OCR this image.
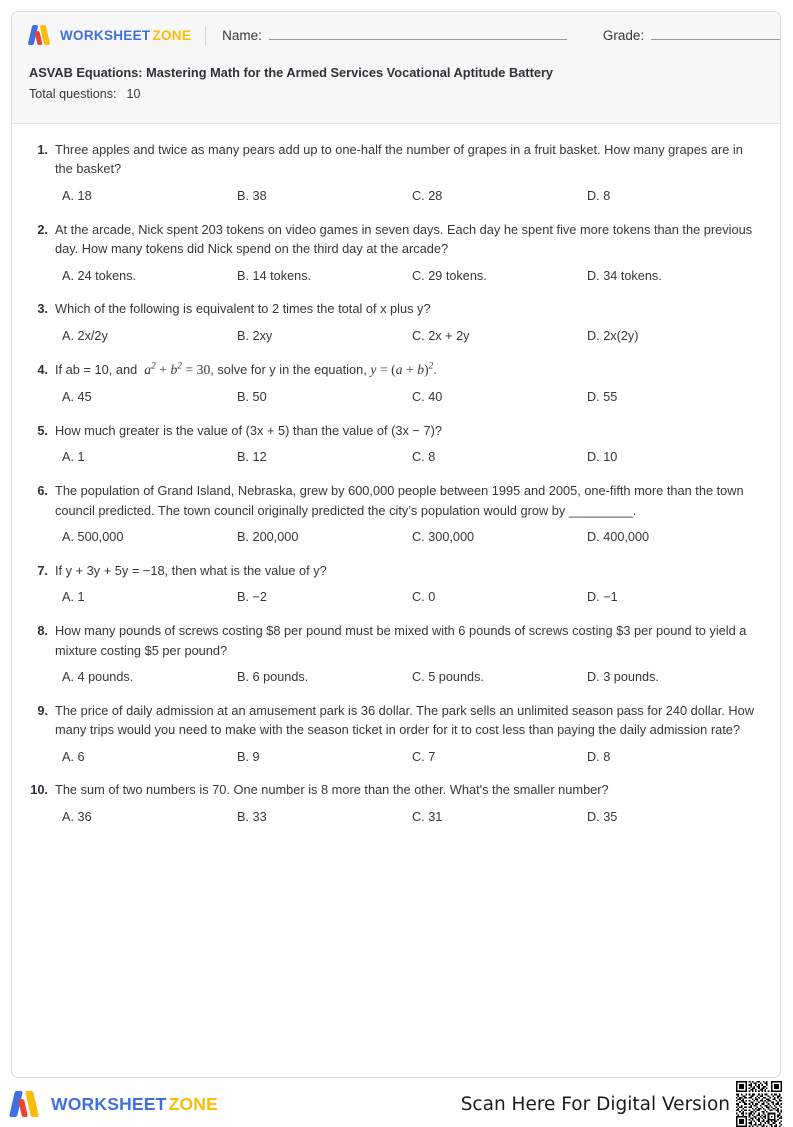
WORKSHEET ZONE Name:	Grade:

ASVAB Equations: Mastering Math for the Armed Services Vocational Aptitude Battery

Total questions: 10

1. Three apples and twice as many pears add up to one-half the number of grapes in a fruit basket. How many grapes are in the basket?
A. 18	B. 38	C. 28	D. 8
2. At the arcade, Nick spent 203 tokens on video games in seven days. Each day he spent five more tokens than the previous day. How many tokens did Nick spend on the third day at the arcade?
A. 24 tokens.	B. 14 tokens.	C. 29 tokens.	D. 34 tokens.
3. Which of the following is equivalent to 2 times the total of x plus y?
A. 2x/2y	B. 2xy	C. 2x + 2y	D. 2x(2y)
4. If ab = 10, and  $a^2 + b^2 = 30$, solve for y in the equation, $y = (a + b)^2$.
A. 45	B. 50	C. 40	D. 55
5. How much greater is the value of (3x + 5) than the value of (3x − 7)?
A. 1	B. 12	C. 8	D. 10
6. The population of Grand Island, Nebraska, grew by 600,000 people between 1995 and 2005, one-fifth more than the town council predicted. The town council originally predicted the city’s population would grow by _________.
A. 500,000	B. 200,000	C. 300,000	D. 400,000
7. If y + 3y + 5y = −18, then what is the value of y?
A. 1	B. −2	C. 0	D. −1
8. How many pounds of screws costing $8 per pound must be mixed with 6 pounds of screws costing $3 per pound to yield a mixture costing $5 per pound?
A. 4 pounds.	B. 6 pounds.	C. 5 pounds.	D. 3 pounds.
9. The price of daily admission at an amusement park is 36 dollar. The park sells an unlimited season pass for 240 dollar. How many trips would you need to make with the season ticket in order for it to cost less than paying the daily admission rate?
A. 6	B. 9	C. 7	D. 8
10. The sum of two numbers is 70. One number is 8 more than the other. What's the smaller number?
A. 36	B. 33	C. 31	D. 35
WORKSHEET ZONE	Scan Here For Digital Version
